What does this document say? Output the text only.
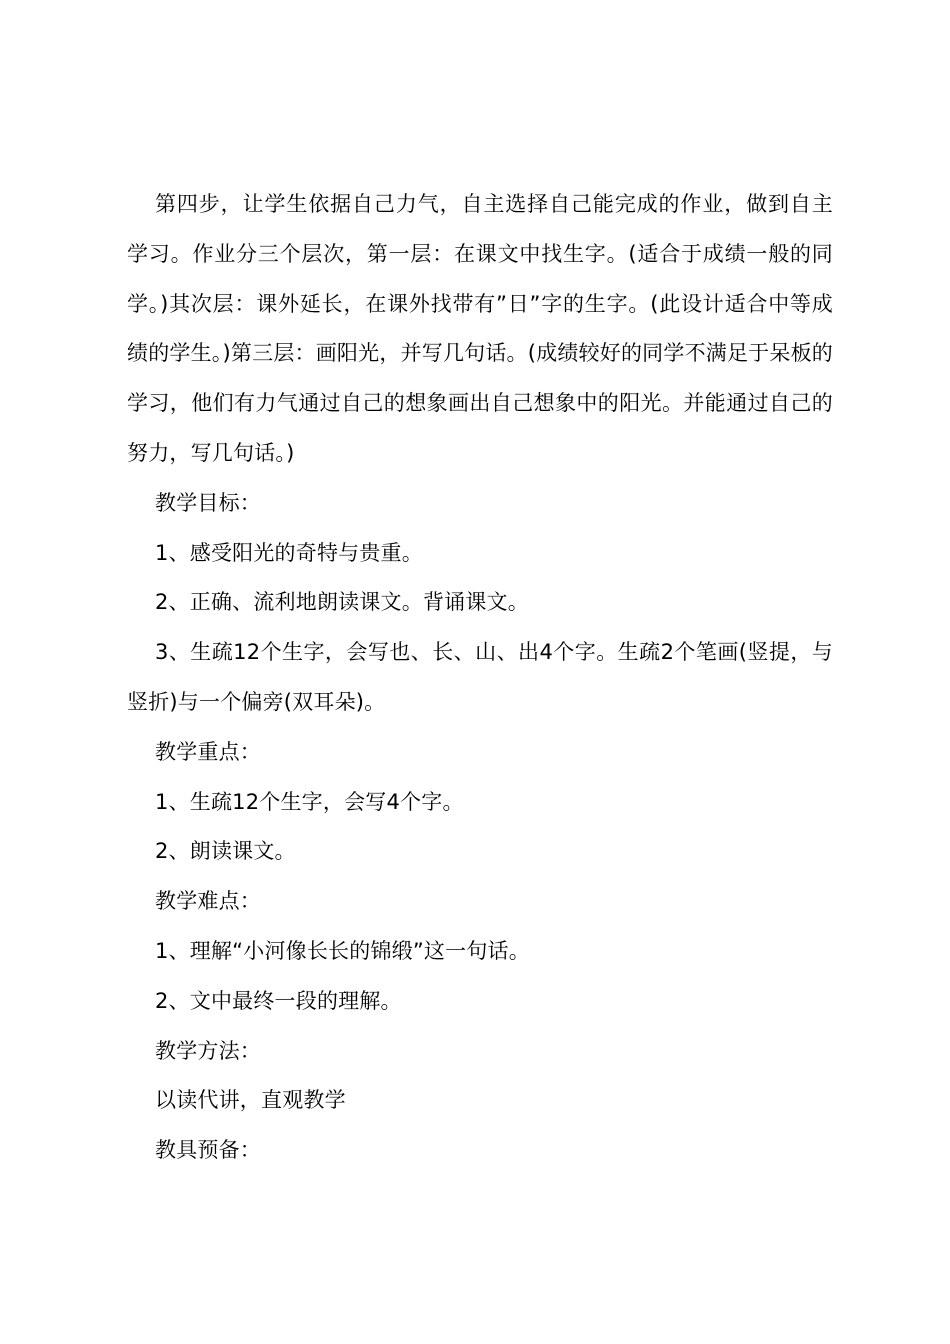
第四步，让学生依据自己力气，自主选择自己能完成的作业，做到自主学习。作业分三个层次，第一层：在课文中找生字。(适合于成绩一般的同学。)其次层：课外延长，在课外找带有”日”字的生字。(此设计适合中等成绩的学生。)第三层：画阳光，并写几句话。(成绩较好的同学不满足于呆板的学习，他们有力气通过自己的想象画出自己想象中的阳光。并能通过自己的努力，写几句话。)

教学目标：

1、感受阳光的奇特与贵重。

2、正确、流利地朗读课文。背诵课文。

3、生疏12个生字，会写也、长、山、出4个字。生疏2个笔画(竖提，与竖折)与一个偏旁(双耳朵)。

教学重点：

1、生疏12个生字，会写4个字。

2、朗读课文。

教学难点：

1、理解“小河像长长的锦缎”这一句话。

2、文中最终一段的理解。

教学方法：

以读代讲，直观教学

教具预备：
